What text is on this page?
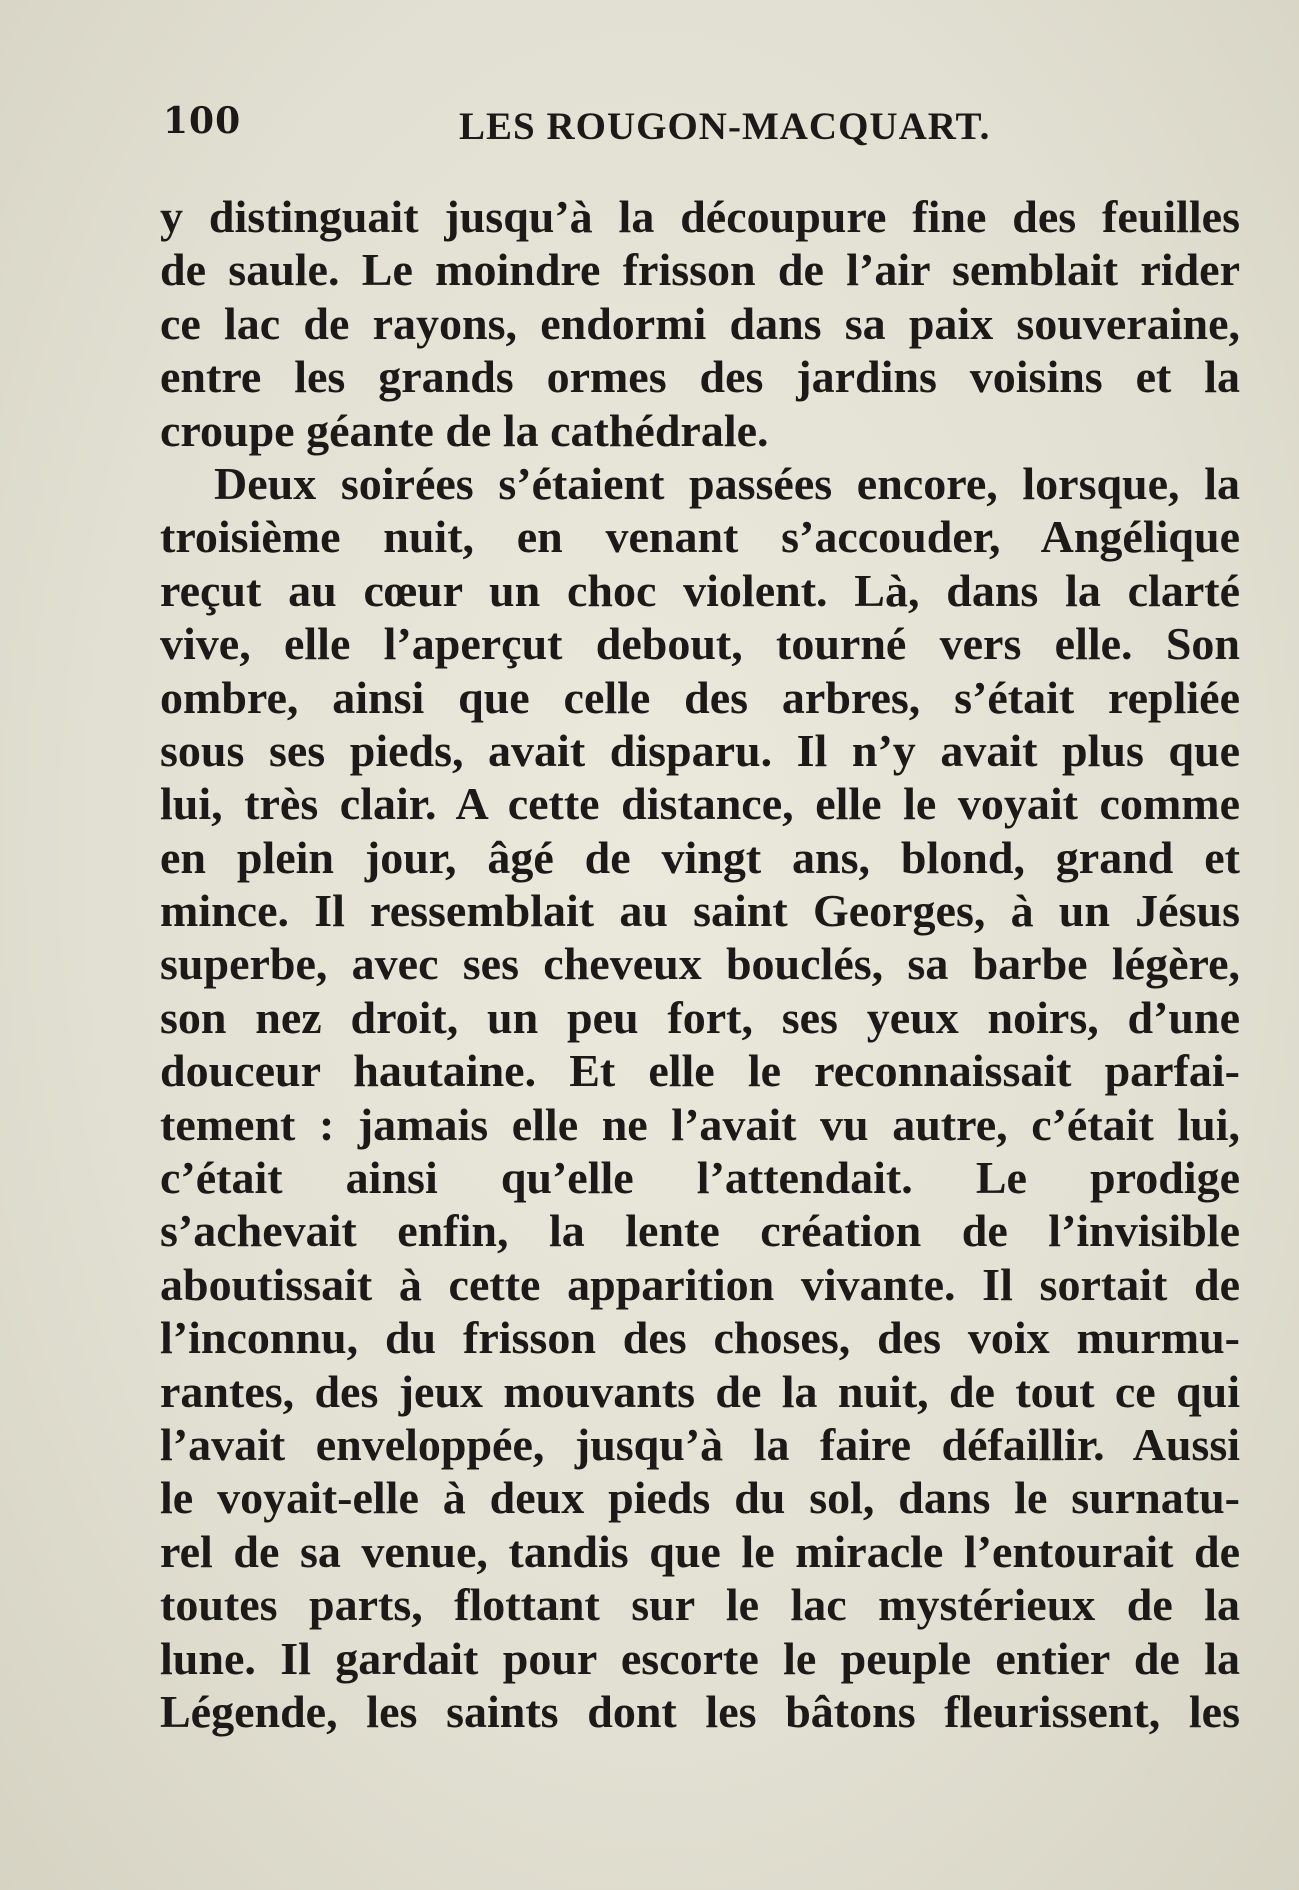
100	LES ROUGON-MACQUART.
y distinguait jusqu’à la découpure fine des feuilles
de saule. Le moindre frisson de l’air semblait rider
ce lac de rayons, endormi dans sa paix souveraine,
entre les grands ormes des jardins voisins et la
croupe géante de la cathédrale.
Deux soirées s’étaient passées encore, lorsque, la
troisième nuit, en venant s’accouder, Angélique
reçut au cœur un choc violent. Là, dans la clarté
vive, elle l’aperçut debout, tourné vers elle. Son
ombre, ainsi que celle des arbres, s’était repliée
sous ses pieds, avait disparu. Il n’y avait plus que
lui, très clair. A cette distance, elle le voyait comme
en plein jour, âgé de vingt ans, blond, grand et
mince. Il ressemblait au saint Georges, à un Jésus
superbe, avec ses cheveux bouclés, sa barbe légère,
son nez droit, un peu fort, ses yeux noirs, d’une
douceur hautaine. Et elle le reconnaissait parfai-
tement : jamais elle ne l’avait vu autre, c’était lui,
c’était ainsi qu’elle l’attendait. Le prodige
s’achevait enfin, la lente création de l’invisible
aboutissait à cette apparition vivante. Il sortait de
l’inconnu, du frisson des choses, des voix murmu-
rantes, des jeux mouvants de la nuit, de tout ce qui
l’avait enveloppée, jusqu’à la faire défaillir. Aussi
le voyait-elle à deux pieds du sol, dans le surnatu-
rel de sa venue, tandis que le miracle l’entourait de
toutes parts, flottant sur le lac mystérieux de la
lune. Il gardait pour escorte le peuple entier de la
Légende, les saints dont les bâtons fleurissent, les
